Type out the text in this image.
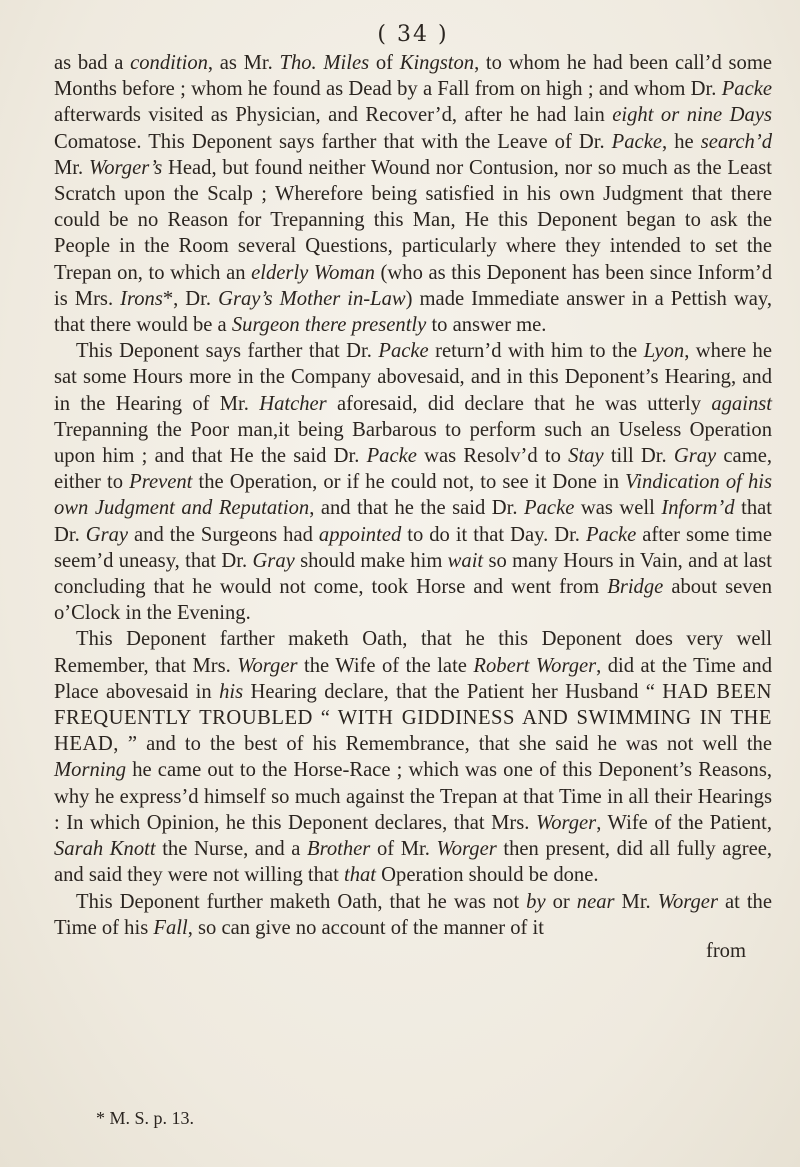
( 34 )

as bad a condition, as Mr. Tho. Miles of Kingston, to whom he had been call’d some Months before ; whom he found as Dead by a Fall from on high ; and whom Dr. Packe afterwards visited as Physician, and Recover’d, after he had lain eight or nine Days Comatose. This Deponent says farther that with the Leave of Dr. Packe, he search’d Mr. Worger’s Head, but found neither Wound nor Contusion, nor so much as the Least Scratch upon the Scalp ; Wherefore being satisfied in his own Judgment that there could be no Reason for Trepanning this Man, He this Deponent began to ask the People in the Room several Questions, particularly where they intended to set the Trepan on, to which an elderly Woman (who as this Deponent has been since Inform’d is Mrs. Irons*, Dr. Gray’s Mother in-Law) made Immediate answer in a Pettish way, that there would be a Surgeon there presently to answer me.

This Deponent says farther that Dr. Packe return’d with him to the Lyon, where he sat some Hours more in the Company abovesaid, and in this Deponent’s Hearing, and in the Hearing of Mr. Hatcher aforesaid, did declare that he was utterly against Trepanning the Poor man,it being Barbarous to perform such an Useless Operation upon him ; and that He the said Dr. Packe was Resolv’d to Stay till Dr. Gray came, either to Prevent the Operation, or if he could not, to see it Done in Vindication of his own Judgment and Reputation, and that he the said Dr. Packe was well Inform’d that Dr. Gray and the Surgeons had appointed to do it that Day. Dr. Packe after some time seem’d uneasy, that Dr. Gray should make him wait so many Hours in Vain, and at last concluding that he would not come, took Horse and went from Bridge about seven o’Clock in the Evening.

This Deponent farther maketh Oath, that he this Deponent does very well Remember, that Mrs. Worger the Wife of the late Robert Worger, did at the Time and Place abovesaid in his Hearing declare, that the Patient her Husband “ HAD BEEN FREQUENTLY TROUBLED “ WITH GIDDINESS AND SWIMMING IN THE HEAD, ” and to the best of his Remembrance, that she said he was not well the Morning he came out to the Horse-Race ; which was one of this Deponent’s Reasons, why he express’d himself so much against the Trepan at that Time in all their Hearings : In which Opinion, he this Deponent declares, that Mrs. Worger, Wife of the Patient, Sarah Knott the Nurse, and a Brother of Mr. Worger then present, did all fully agree, and said they were not willing that that Operation should be done.

This Deponent further maketh Oath, that he was not by or near Mr. Worger at the Time of his Fall, so can give no account of the manner of it

from
* M. S. p. 13.
